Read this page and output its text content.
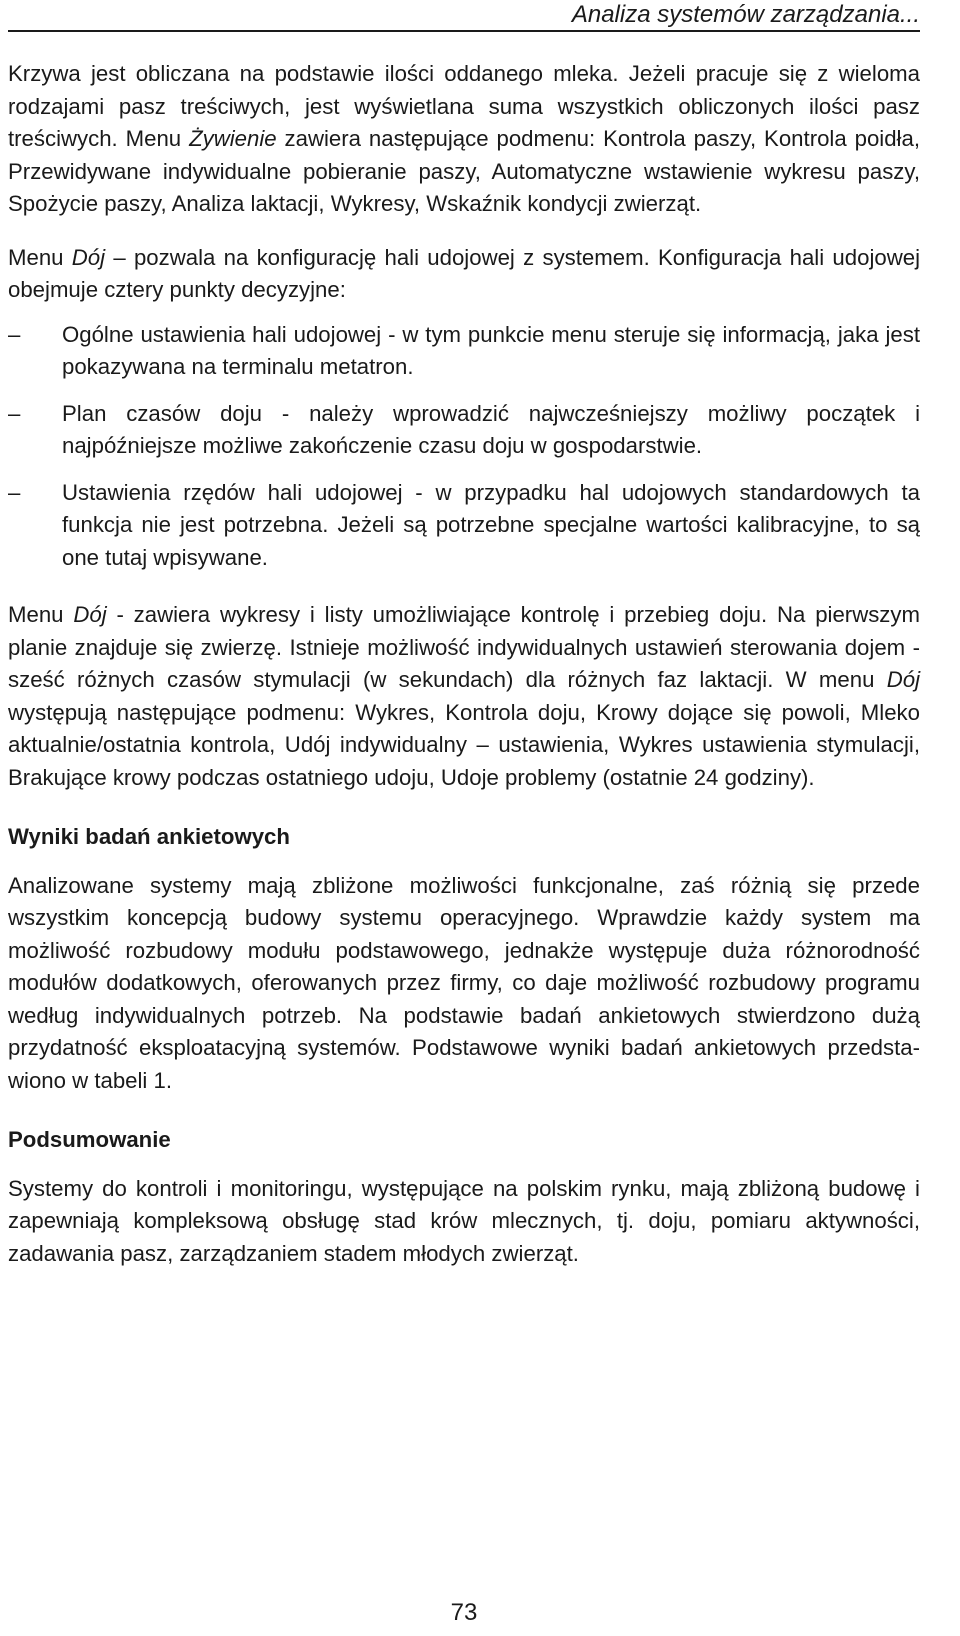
Analiza systemów zarządzania...

Krzywa jest obliczana na podstawie ilości oddanego mleka. Jeżeli pracuje się z wieloma rodzajami pasz treściwych, jest wyświetlana suma wszystkich obliczonych ilości pasz treściwych. Menu Żywienie zawiera następujące podmenu: Kontrola paszy, Kontrola poidła, Przewidywane indywidualne pobieranie paszy, Automatyczne wstawienie wykresu paszy, Spożycie paszy, Analiza laktacji, Wykresy, Wskaźnik kondycji zwierząt.

Menu Dój – pozwala na konfigurację hali udojowej z systemem. Konfiguracja hali udojowej obejmuje cztery punkty decyzyjne:

–	Ogólne ustawienia hali udojowej - w tym punkcie menu steruje się informacją, jaka jest pokazywana na terminalu metatron.
–	Plan czasów doju - należy wprowadzić najwcześniejszy możliwy początek i najpóźniejsze możliwe zakończenie czasu doju w gospodarstwie.
–	Ustawienia rzędów hali udojowej - w przypadku hal udojowych standardowych ta funkcja nie jest potrzebna. Jeżeli są potrzebne specjalne wartości kalibracyjne, to są one tutaj wpisywane.

Menu Dój - zawiera wykresy i listy umożliwiające kontrolę i przebieg doju. Na pierwszym planie znajduje się zwierzę. Istnieje możliwość indywidualnych ustawień sterowania dojem - sześć różnych czasów stymulacji (w sekundach) dla różnych faz laktacji. W menu Dój występują następujące podmenu: Wykres, Kontrola doju, Krowy dojące się powoli, Mleko aktualnie/ostatnia kontrola, Udój indywidualny – ustawienia, Wykres ustawienia stymulacji, Brakujące krowy podczas ostatniego udoju, Udoje problemy (ostatnie 24 godziny).

Wyniki badań ankietowych

Analizowane systemy mają zbliżone możliwości funkcjonalne, zaś różnią się przede wszystkim koncepcją budowy systemu operacyjnego. Wprawdzie każdy system ma możliwość rozbudowy modułu podstawowego, jednakże występuje duża różnorodność modułów dodatkowych, oferowanych przez firmy, co daje możliwość rozbudowy programu według indywidualnych potrzeb. Na podstawie badań ankietowych stwierdzono dużą przydatność eksploatacyjną systemów. Podstawowe wyniki badań ankietowych przedstawiono w tabeli 1.

Podsumowanie

Systemy do kontroli i monitoringu, występujące na polskim rynku, mają zbliżoną budowę i zapewniają kompleksową obsługę stad krów mlecznych, tj. doju, pomiaru aktywności, zadawania pasz, zarządzaniem stadem młodych zwierząt.

73
